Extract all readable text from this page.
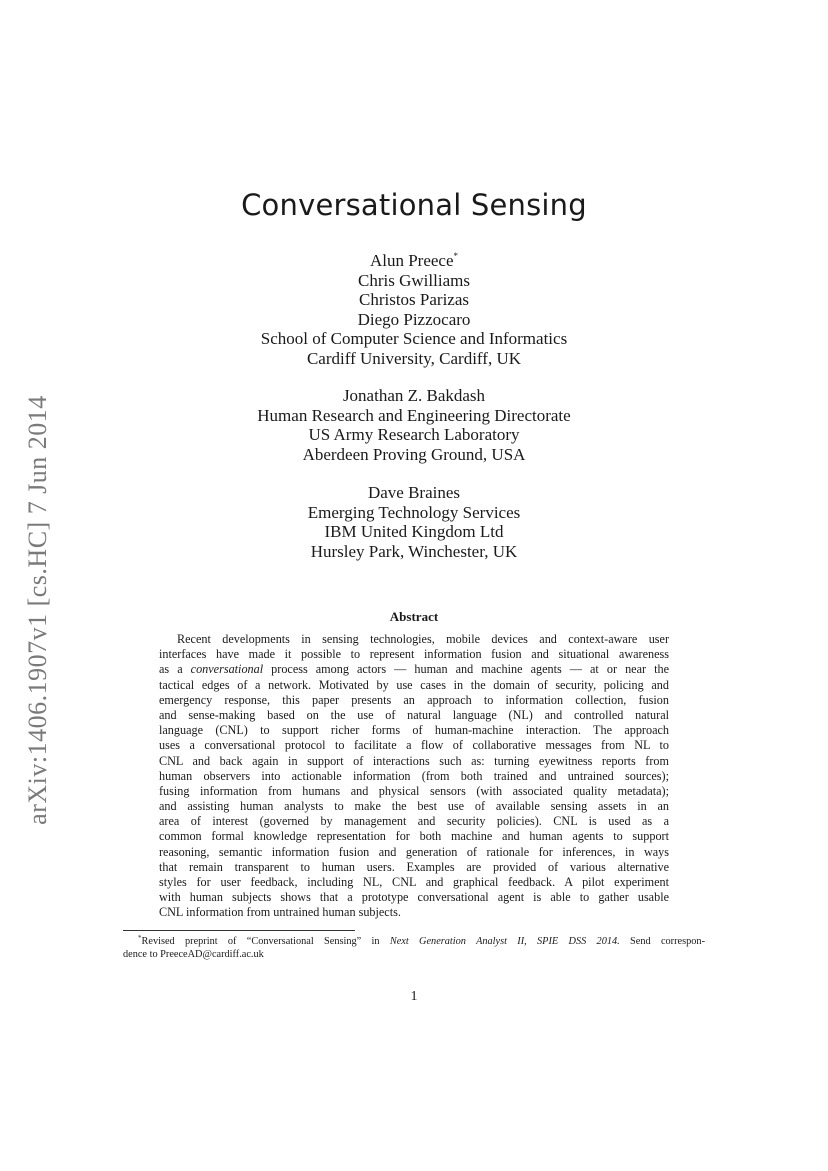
arXiv:1406.1907v1 [cs.HC] 7 Jun 2014
Conversational Sensing
Alun Preece*
Chris Gwilliams
Christos Parizas
Diego Pizzocaro
School of Computer Science and Informatics
Cardiff University, Cardiff, UK
Jonathan Z. Bakdash
Human Research and Engineering Directorate
US Army Research Laboratory
Aberdeen Proving Ground, USA
Dave Braines
Emerging Technology Services
IBM United Kingdom Ltd
Hursley Park, Winchester, UK
Abstract
Recent developments in sensing technologies, mobile devices and context-aware user
interfaces have made it possible to represent information fusion and situational awareness
as a conversational process among actors — human and machine agents — at or near the
tactical edges of a network. Motivated by use cases in the domain of security, policing and
emergency response, this paper presents an approach to information collection, fusion
and sense-making based on the use of natural language (NL) and controlled natural
language (CNL) to support richer forms of human-machine interaction. The approach
uses a conversational protocol to facilitate a flow of collaborative messages from NL to
CNL and back again in support of interactions such as: turning eyewitness reports from
human observers into actionable information (from both trained and untrained sources);
fusing information from humans and physical sensors (with associated quality metadata);
and assisting human analysts to make the best use of available sensing assets in an
area of interest (governed by management and security policies). CNL is used as a
common formal knowledge representation for both machine and human agents to support
reasoning, semantic information fusion and generation of rationale for inferences, in ways
that remain transparent to human users. Examples are provided of various alternative
styles for user feedback, including NL, CNL and graphical feedback. A pilot experiment
with human subjects shows that a prototype conversational agent is able to gather usable
CNL information from untrained human subjects.
*Revised preprint of “Conversational Sensing” in Next Generation Analyst II, SPIE DSS 2014. Send correspon-
dence to PreeceAD@cardiff.ac.uk
1
